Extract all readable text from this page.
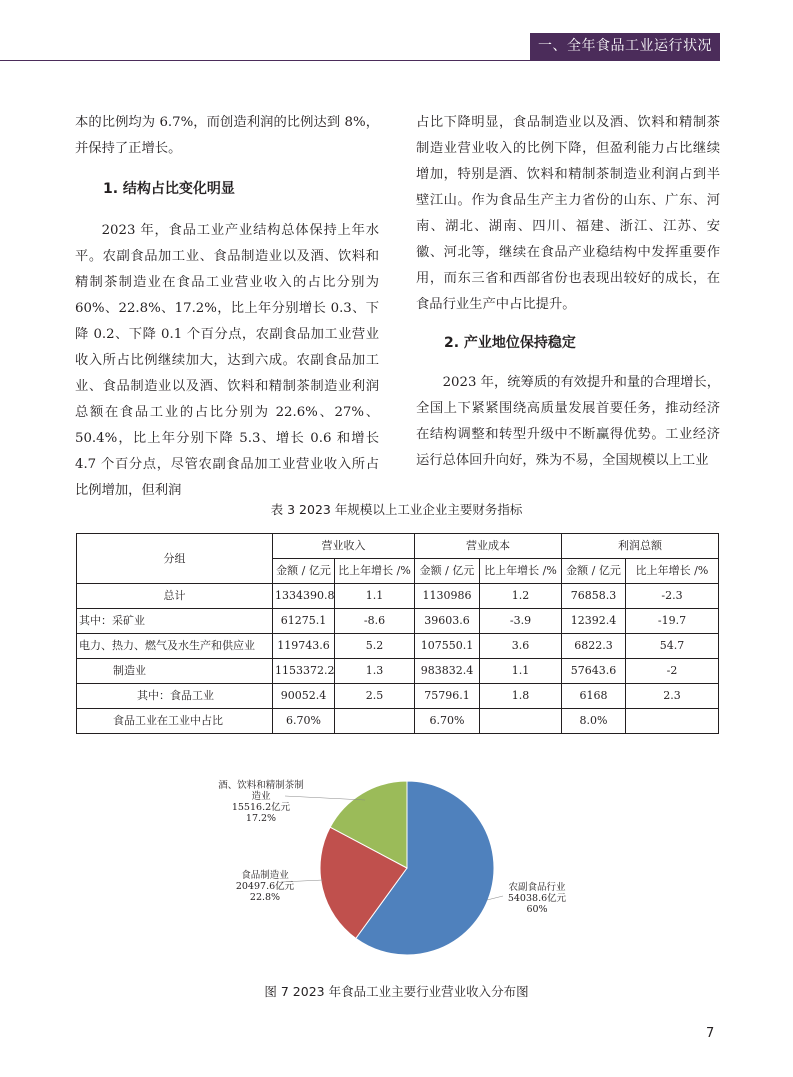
一、全年食品工业运行状况

本的比例均为 6.7%，而创造利润的比例达到 8%，并保持了正增长。

1. 结构占比变化明显

2023 年，食品工业产业结构总体保持上年水平。农副食品加工业、食品制造业以及酒、饮料和精制茶制造业在食品工业营业收入的占比分别为 60%、22.8%、17.2%，比上年分别增长 0.3、下降 0.2、下降 0.1 个百分点，农副食品加工业营业收入所占比例继续加大，达到六成。农副食品加工业、食品制造业以及酒、饮料和精制茶制造业利润总额在食品工业的占比分别为 22.6%、27%、50.4%，比上年分别下降 5.3、增长 0.6 和增长 4.7 个百分点，尽管农副食品加工业营业收入所占比例增加，但利润

占比下降明显，食品制造业以及酒、饮料和精制茶制造业营业收入的比例下降，但盈利能力占比继续增加，特别是酒、饮料和精制茶制造业利润占到半壁江山。作为食品生产主力省份的山东、广东、河南、湖北、湖南、四川、福建、浙江、江苏、安徽、河北等，继续在食品产业稳结构中发挥重要作用，而东三省和西部省份也表现出较好的成长，在食品行业生产中占比提升。

2. 产业地位保持稳定

2023 年，统筹质的有效提升和量的合理增长，全国上下紧紧围绕高质量发展首要任务，推动经济在结构调整和转型升级中不断赢得优势。工业经济运行总体回升向好，殊为不易，全国规模以上工业

表 3 2023 年规模以上工业企业主要财务指标
分组	营业收入		营业成本		利润总额	
	金额 / 亿元	比上年增长 /%	金额 / 亿元	比上年增长 /%	金额 / 亿元	比上年增长 /%
总计	1334390.8	1.1	1130986	1.2	76858.3	-2.3
其中：采矿业	61275.1	-8.6	39603.6	-3.9	12392.4	-19.7
电力、热力、燃气及水生产和供应业	119743.6	5.2	107550.1	3.6	6822.3	54.7
制造业	1153372.2	1.3	983832.4	1.1	57643.6	-2
其中：食品工业	90052.4	2.5	75796.1	1.8	6168	2.3
食品工业在工业中占比	6.70%		6.70%		8.0%	
酒、饮料和精制茶制造业
15516.2亿元
17.2%
食品制造业
20497.6亿元
22.8%
农副食品行业
54038.6亿元
60%
图 7 2023 年食品工业主要行业营业收入分布图
7
